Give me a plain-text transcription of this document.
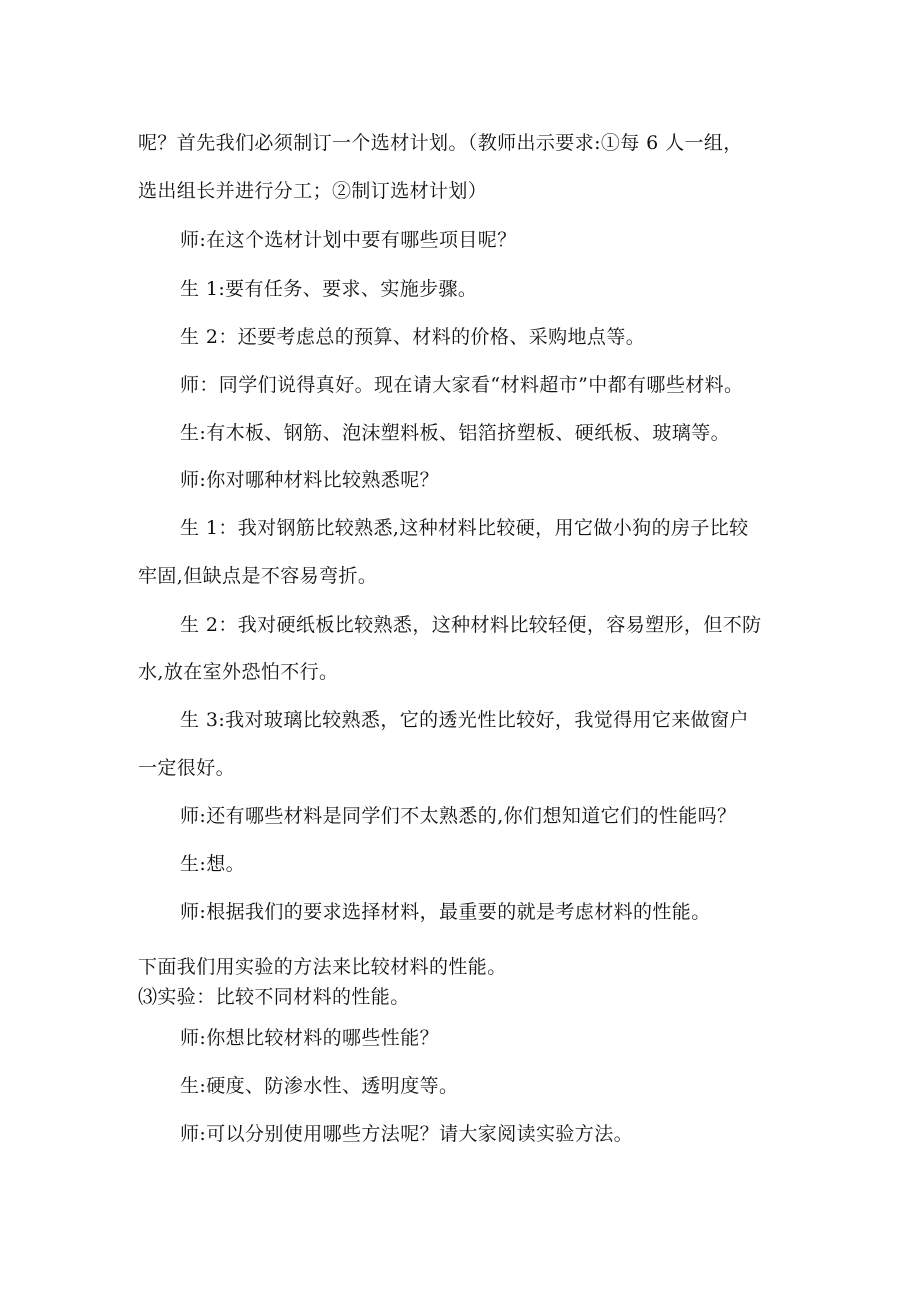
呢？首先我们必须制订一个选材计划。（教师出示要求:①每 6 人一组，
选出组长并进行分工；②制订选材计划）
师:在这个选材计划中要有哪些项目呢？
生 1:要有任务、要求、实施步骤。
生 2：还要考虑总的预算、材料的价格、采购地点等。
师：同学们说得真好。现在请大家看“材料超市”中都有哪些材料。
生:有木板、钢筋、泡沫塑料板、铝箔挤塑板、硬纸板、玻璃等。
师:你对哪种材料比较熟悉呢？
生 1：我对钢筋比较熟悉,这种材料比较硬，用它做小狗的房子比较
牢固,但缺点是不容易弯折。
生 2：我对硬纸板比较熟悉，这种材料比较轻便，容易塑形，但不防
水,放在室外恐怕不行。
生 3:我对玻璃比较熟悉，它的透光性比较好，我觉得用它来做窗户
一定很好。
师:还有哪些材料是同学们不太熟悉的,你们想知道它们的性能吗？
生:想。
师:根据我们的要求选择材料，最重要的就是考虑材料的性能。
下面我们用实验的方法来比较材料的性能。
⑶实验：比较不同材料的性能。
师:你想比较材料的哪些性能？
生:硬度、防渗水性、透明度等。
师:可以分别使用哪些方法呢？请大家阅读实验方法。
